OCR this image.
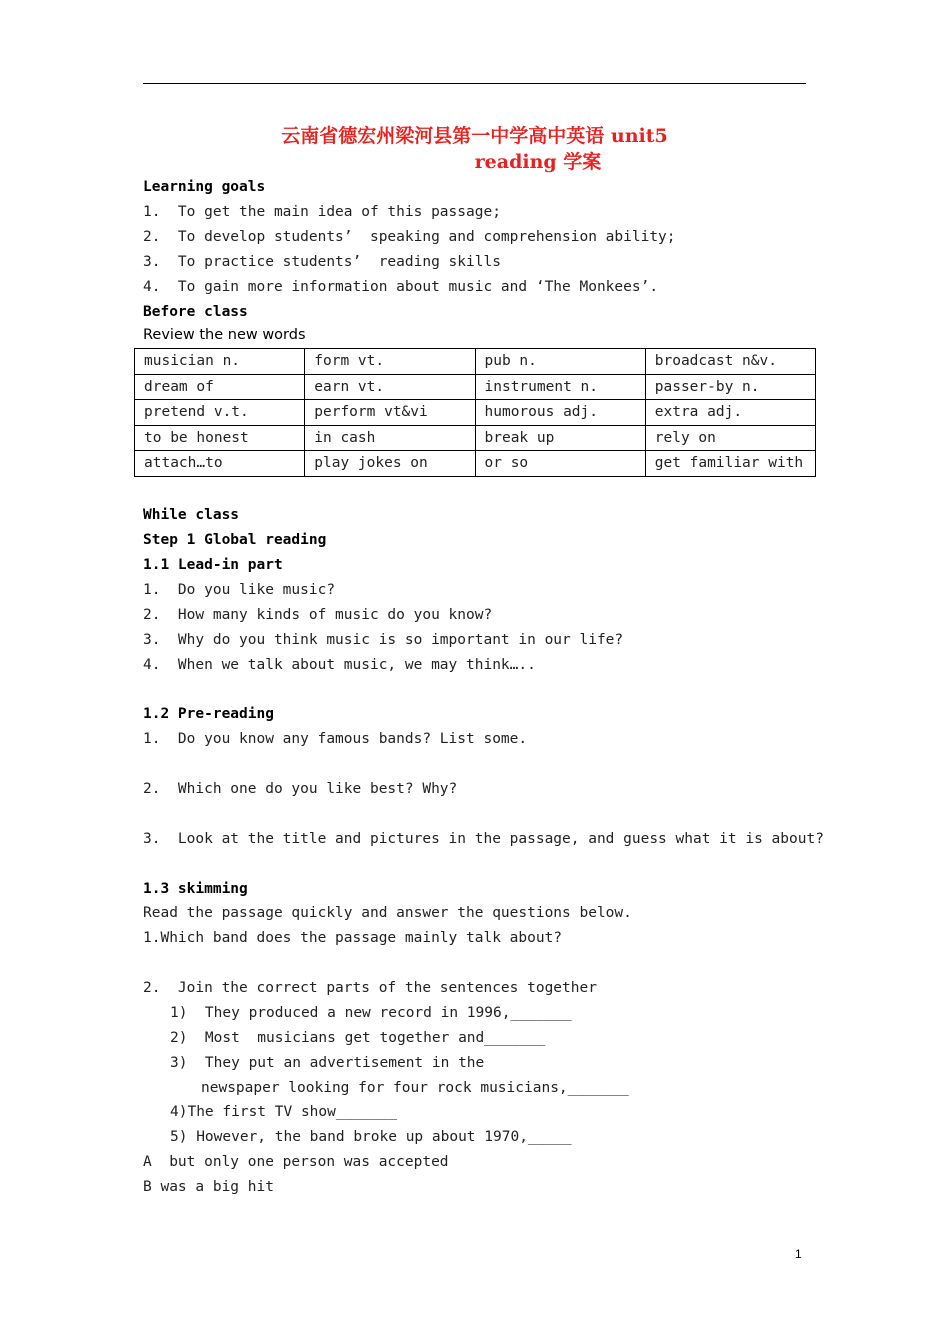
云南省德宏州梁河县第一中学高中英语 unit5
reading 学案
Learning goals
1.  To get the main idea of this passage;
2.  To develop students’  speaking and comprehension ability;
3.  To practice students’  reading skills
4.  To gain more information about music and ‘The Monkees’.
Before class
Review the new words
musician n.	form vt.	pub n.	broadcast n&v.
dream of	earn vt.	instrument n.	passer-by n.
pretend v.t.	perform vt&vi	humorous adj.	extra adj.
to be honest	in cash	break up	rely on
attach…to	play jokes on	or so	get familiar with
While class
Step 1 Global reading
1.1 Lead-in part
1.  Do you like music?
2.  How many kinds of music do you know?
3.  Why do you think music is so important in our life?
4.  When we talk about music, we may think…..
1.2 Pre-reading
1.  Do you know any famous bands? List some.
2.  Which one do you like best? Why?
3.  Look at the title and pictures in the passage, and guess what it is about?
1.3 skimming
Read the passage quickly and answer the questions below.
1.Which band does the passage mainly talk about?
2.  Join the correct parts of the sentences together
1)  They produced a new record in 1996,_______
2)  Most  musicians get together and_______
3)  They put an advertisement in the
newspaper looking for four rock musicians,_______
4)The first TV show_______
5) However, the band broke up about 1970,_____
A  but only one person was accepted
B was a big hit
1
